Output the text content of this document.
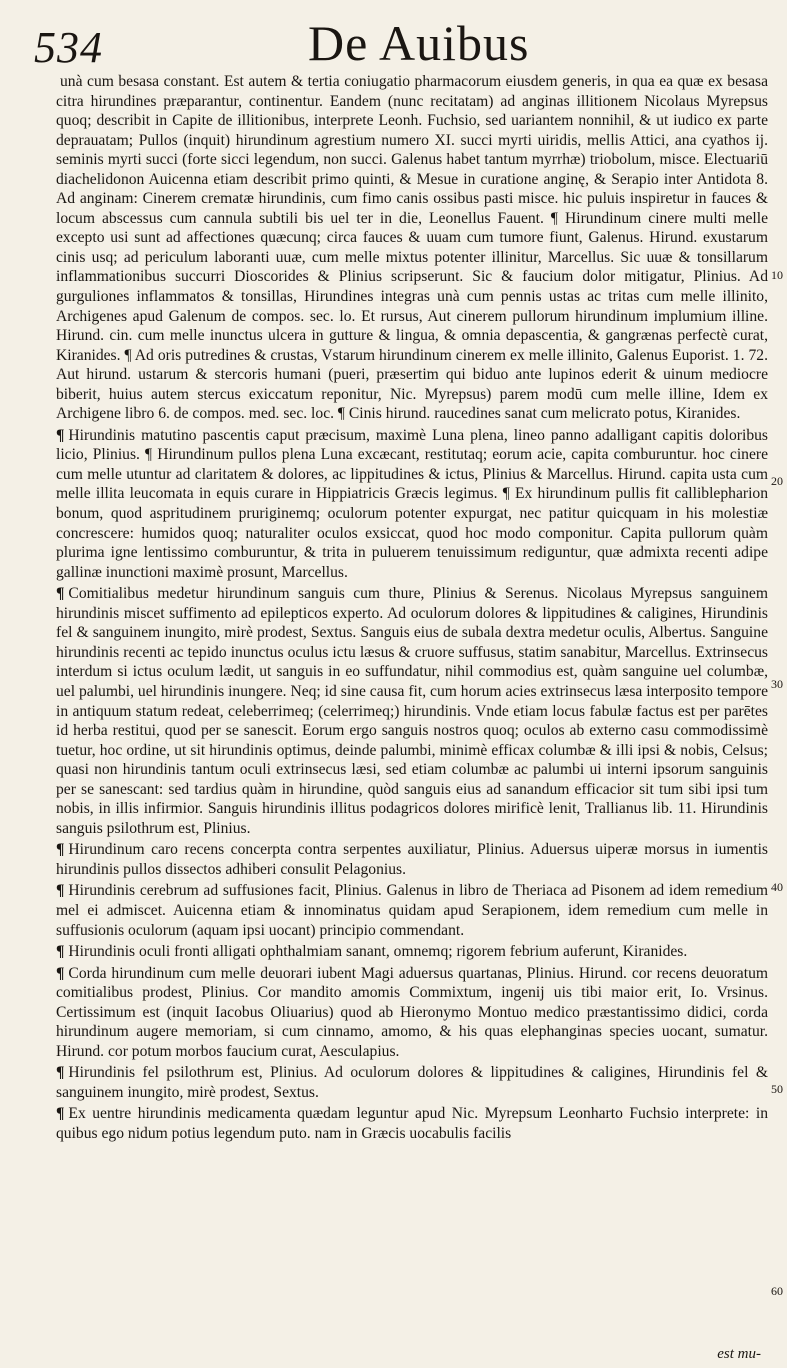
534	De Auibus

unà cum besasa constant. Est autem & tertia coniugatio pharmacorum eiusdem generis, in qua ea quæ ex besasa citra hirundines præparantur, continentur. Eandem (nunc recitatam) ad anginas illitionem Nicolaus Myrepsus quoq; describit in Capite de illitionibus, interprete Leonh. Fuchsio, sed uariantem nonnihil, & ut iudico ex parte deprauatam; Pullos (inquit) hirundinum agrestium numero XI. succi myrti uiridis, mellis Attici, ana cyathos ij. seminis myrti succi (forte sicci legendum, non succi. Galenus habet tantum myrrhæ) triobolum, misce. Electuariū diachelidonon Auicenna etiam describit primo quinti, & Mesue in curatione anginę, & Serapio inter Antidota 8. Ad anginam: Cinerem crematæ hirundinis, cum fimo canis ossibus pasti misce. hic puluis inspiretur in fauces & locum abscessus cum cannula subtili bis uel ter in die, Leonellus Fauent. ¶ Hirundinum cinere multi melle excepto usi sunt ad affectiones quæcunq; circa fauces & uuam cum tumore fiunt, Galenus. Hirund. exustarum cinis usq; ad periculum laboranti uuæ, cum melle mixtus potenter illinitur, Marcellus. Sic uuæ & tonsillarum inflammationibus succurri Dioscorides & Plinius scripserunt. Sic & faucium dolor mitigatur, Plinius. Ad gurguliones inflammatos & tonsillas, Hirundines integras unà cum pennis ustas ac tritas cum melle illinito, Archigenes apud Galenum de compos. sec. lo. Et rursus, Aut cinerem pullorum hirundinum implumium illine. Hirund. cin. cum melle inunctus ulcera in gutture & lingua, & omnia depascentia, & gangrænas perfectè curat, Kiranides. ¶ Ad oris putredines & crustas, Vstarum hirundinum cinerem ex melle illinito, Galenus Euporist. 1. 72. Aut hirund. ustarum & stercoris humani (pueri, præsertim qui biduo ante lupinos ederit & uinum mediocre biberit, huius autem stercus exiccatum reponitur, Nic. Myrepsus) parem modū cum melle illine, Idem ex Archigene libro 6. de compos. med. sec. loc. ¶ Cinis hirund. raucedines sanat cum melicrato potus, Kiranides.

¶ Hirundinis matutino pascentis caput præcisum, maximè Luna plena, lineo panno adalligant capitis doloribus licio, Plinius. ¶ Hirundinum pullos plena Luna excæcant, restitutaq; eorum acie, capita comburuntur. hoc cinere cum melle utuntur ad claritatem & dolores, ac lippitudines & ictus, Plinius & Marcellus. Hirund. capita usta cum melle illita leucomata in equis curare in Hippiatricis Græcis legimus. ¶ Ex hirundinum pullis fit calliblepharion bonum, quod aspritudinem pruriginemq; oculorum potenter expurgat, nec patitur quicquam in his molestiæ concrescere: humidos quoq; naturaliter oculos exsiccat, quod hoc modo componitur. Capita pullorum quàm plurima igne lentissimo comburuntur, & trita in puluerem tenuissimum rediguntur, quæ admixta recenti adipe gallinæ inunctioni maximè prosunt, Marcellus.

¶ Comitialibus medetur hirundinum sanguis cum thure, Plinius & Serenus. Nicolaus Myrepsus sanguinem hirundinis miscet suffimento ad epilepticos experto. Ad oculorum dolores & lippitudines & caligines, Hirundinis fel & sanguinem inungito, mirè prodest, Sextus. Sanguis eius de subala dextra medetur oculis, Albertus. Sanguine hirundinis recenti ac tepido inunctus oculus ictu læsus & cruore suffusus, statim sanabitur, Marcellus. Extrinsecus interdum si ictus oculum lædit, ut sanguis in eo suffundatur, nihil commodius est, quàm sanguine uel columbæ, uel palumbi, uel hirundinis inungere. Neq; id sine causa fit, cum horum acies extrinsecus læsa interposito tempore in antiquum statum redeat, celeberrimeq; (celerrimeq;) hirundinis. Vnde etiam locus fabulæ factus est per parētes id herba restitui, quod per se sanescit. Eorum ergo sanguis nostros quoq; oculos ab externo casu commodissimè tuetur, hoc ordine, ut sit hirundinis optimus, deinde palumbi, minimè efficax columbæ & illi ipsi & nobis, Celsus; quasi non hirundinis tantum oculi extrinsecus læsi, sed etiam columbæ ac palumbi ui interni ipsorum sanguinis per se sanescant: sed tardius quàm in hirundine, quòd sanguis eius ad sanandum efficacior sit tum sibi ipsi tum nobis, in illis infirmior. Sanguis hirundinis illitus podagricos dolores mirificè lenit, Trallianus lib. 11. Hirundinis sanguis psilothrum est, Plinius.

¶ Hirundinum caro recens concerpta contra serpentes auxiliatur, Plinius. Aduersus uiperæ morsus in iumentis hirundinis pullos dissectos adhiberi consulit Pelagonius.

¶ Hirundinis cerebrum ad suffusiones facit, Plinius. Galenus in libro de Theriaca ad Pisonem ad idem remedium mel ei admiscet. Auicenna etiam & innominatus quidam apud Serapionem, idem remedium cum melle in suffusionis oculorum (aquam ipsi uocant) principio commendant.

¶ Hirundinis oculi fronti alligati ophthalmiam sanant, omnemq; rigorem febrium auferunt, Kiranides.

¶ Corda hirundinum cum melle deuorari iubent Magi aduersus quartanas, Plinius. Hirund. cor recens deuoratum comitialibus prodest, Plinius. Cor mandito amomis Commixtum, ingenij uis tibi maior erit, Io. Vrsinus. Certissimum est (inquit Iacobus Oliuarius) quod ab Hieronymo Montuo medico præstantissimo didici, corda hirundinum augere memoriam, si cum cinnamo, amomo, & his quas elephanginas species uocant, sumatur. Hirund. cor potum morbos faucium curat, Aesculapius.

¶ Hirundinis fel psilothrum est, Plinius. Ad oculorum dolores & lippitudines & caligines, Hirundinis fel & sanguinem inungito, mirè prodest, Sextus.

¶ Ex uentre hirundinis medicamenta quædam leguntur apud Nic. Myrepsum Leonharto Fuchsio interprete: in quibus ego nidum potius legendum puto. nam in Græcis uocabulis facilis

10
20
30
40
50
60
est mu-
